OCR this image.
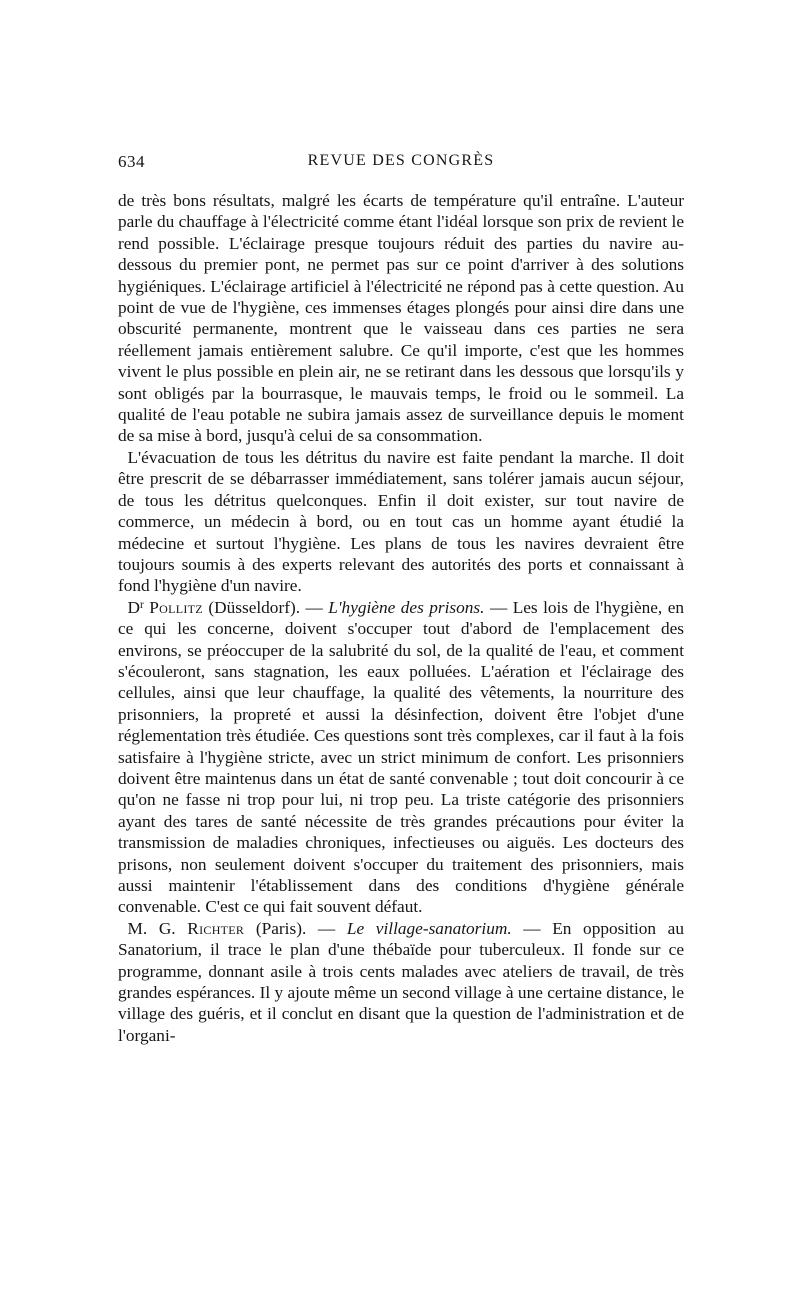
634	REVUE DES CONGRÈS

de très bons résultats, malgré les écarts de température qu'il entraîne. L'auteur parle du chauffage à l'électricité comme étant l'idéal lorsque son prix de revient le rend possible. L'éclairage presque toujours réduit des parties du navire au-dessous du premier pont, ne permet pas sur ce point d'arriver à des solutions hygiéniques. L'éclairage artificiel à l'électricité ne répond pas à cette question. Au point de vue de l'hygiène, ces immenses étages plongés pour ainsi dire dans une obscurité permanente, montrent que le vaisseau dans ces parties ne sera réellement jamais entièrement salubre. Ce qu'il importe, c'est que les hommes vivent le plus possible en plein air, ne se retirant dans les dessous que lorsqu'ils y sont obligés par la bourrasque, le mauvais temps, le froid ou le sommeil. La qualité de l'eau potable ne subira jamais assez de surveillance depuis le moment de sa mise à bord, jusqu'à celui de sa consommation.

L'évacuation de tous les détritus du navire est faite pendant la marche. Il doit être prescrit de se débarrasser immédiatement, sans tolérer jamais aucun séjour, de tous les détritus quelconques. Enfin il doit exister, sur tout navire de commerce, un médecin à bord, ou en tout cas un homme ayant étudié la médecine et surtout l'hygiène. Les plans de tous les navires devraient être toujours soumis à des experts relevant des autorités des ports et connaissant à fond l'hygiène d'un navire.

$D^r$ Pollitz (Düsseldorf). — L'hygiène des prisons. — Les lois de l'hygiène, en ce qui les concerne, doivent s'occuper tout d'abord de l'emplacement des environs, se préoccuper de la salubrité du sol, de la qualité de l'eau, et comment s'écouleront, sans stagnation, les eaux polluées. L'aération et l'éclairage des cellules, ainsi que leur chauffage, la qualité des vêtements, la nourriture des prisonniers, la propreté et aussi la désinfection, doivent être l'objet d'une réglementation très étudiée. Ces questions sont très complexes, car il faut à la fois satisfaire à l'hygiène stricte, avec un strict minimum de confort. Les prisonniers doivent être maintenus dans un état de santé convenable ; tout doit concourir à ce qu'on ne fasse ni trop pour lui, ni trop peu. La triste catégorie des prisonniers ayant des tares de santé nécessite de très grandes précautions pour éviter la transmission de maladies chroniques, infectieuses ou aiguës. Les docteurs des prisons, non seulement doivent s'occuper du traitement des prisonniers, mais aussi maintenir l'établissement dans des conditions d'hygiène générale convenable. C'est ce qui fait souvent défaut.

M. G. Richter (Paris). — Le village-sanatorium. — En opposition au Sanatorium, il trace le plan d'une thébaïde pour tuberculeux. Il fonde sur ce programme, donnant asile à trois cents malades avec ateliers de travail, de très grandes espérances. Il y ajoute même un second village à une certaine distance, le village des guéris, et il conclut en disant que la question de l'administration et de l'organi-
